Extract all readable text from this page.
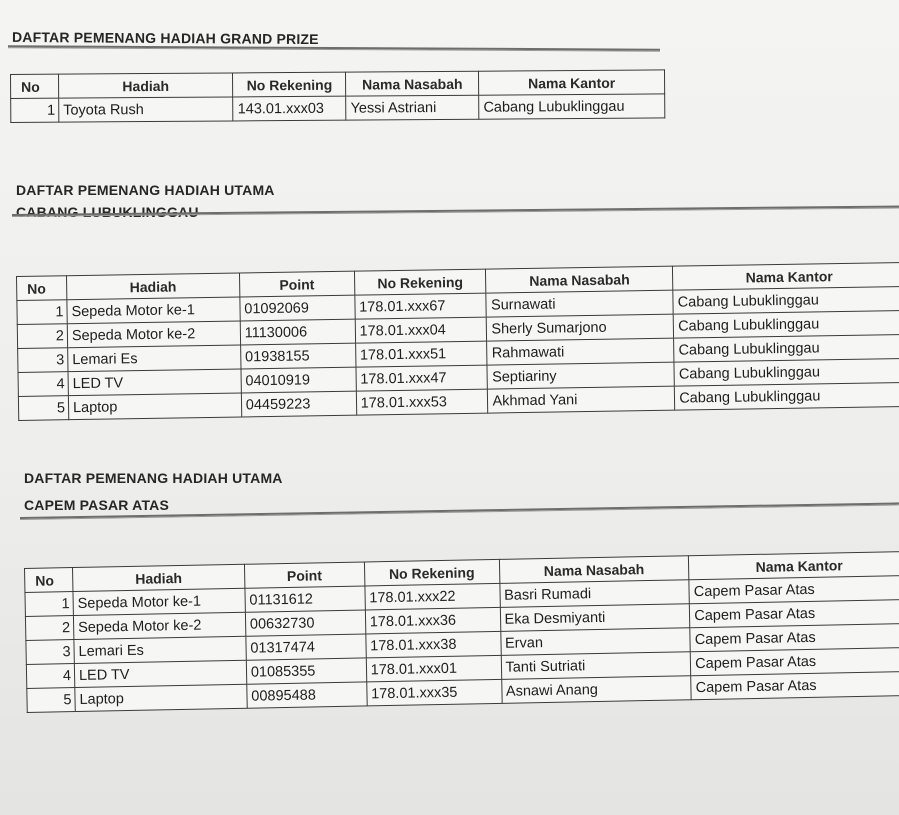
DAFTAR PEMENANG HADIAH GRAND PRIZE
No	Hadiah	No Rekening	Nama Nasabah	Nama Kantor
1	Toyota Rush	143.01.xxx03	Yessi Astriani	Cabang Lubuklinggau
DAFTAR PEMENANG HADIAH UTAMA
CABANG LUBUKLINGGAU
No	Hadiah	Point	No Rekening	Nama Nasabah	Nama Kantor
1	Sepeda Motor ke-1	01092069	178.01.xxx67	Surnawati	Cabang Lubuklinggau
2	Sepeda Motor ke-2	11130006	178.01.xxx04	Sherly Sumarjono	Cabang Lubuklinggau
3	Lemari Es	01938155	178.01.xxx51	Rahmawati	Cabang Lubuklinggau
4	LED TV	04010919	178.01.xxx47	Septiariny	Cabang Lubuklinggau
5	Laptop	04459223	178.01.xxx53	Akhmad Yani	Cabang Lubuklinggau
DAFTAR PEMENANG HADIAH UTAMA
CAPEM PASAR ATAS
No	Hadiah	Point	No Rekening	Nama Nasabah	Nama Kantor
1	Sepeda Motor ke-1	01131612	178.01.xxx22	Basri Rumadi	Capem Pasar Atas
2	Sepeda Motor ke-2	00632730	178.01.xxx36	Eka Desmiyanti	Capem Pasar Atas
3	Lemari Es	01317474	178.01.xxx38	Ervan	Capem Pasar Atas
4	LED TV	01085355	178.01.xxx01	Tanti Sutriati	Capem Pasar Atas
5	Laptop	00895488	178.01.xxx35	Asnawi Anang	Capem Pasar Atas
